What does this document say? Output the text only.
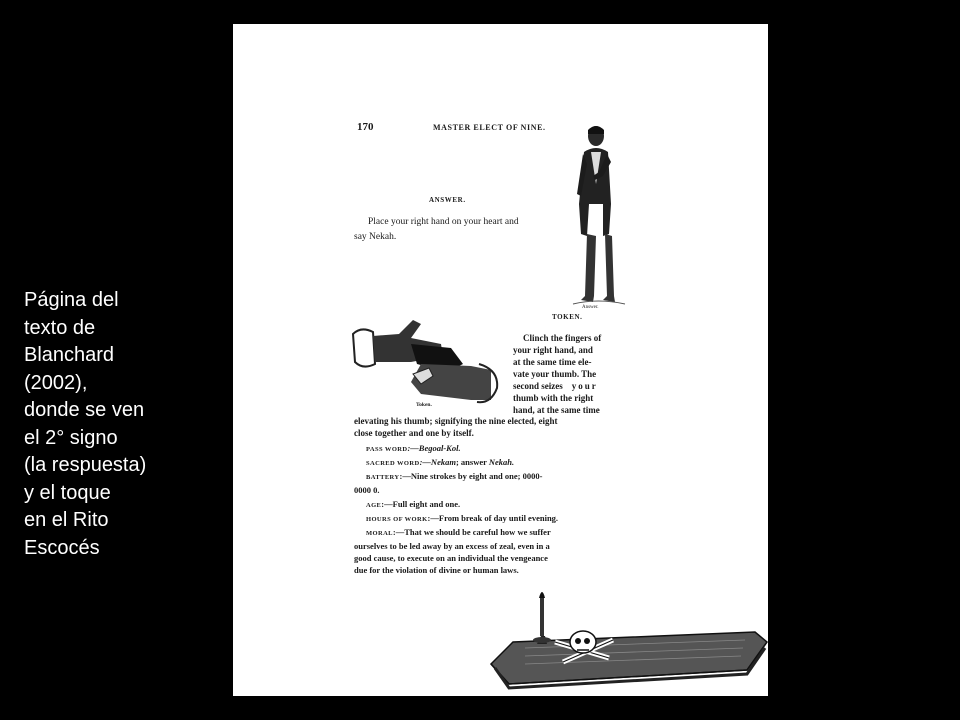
Página del
texto de
Blanchard
(2002),
donde se ven
el 2° signo
(la respuesta)
y el toque
en el Rito
Escocés
170	MASTER ELECT OF NINE.
ANSWER.
Place your right hand on your heart and
say Nekah.
Answer.
TOKEN.
Token.
Clinch the fingers of
your right hand, and
at the same time ele-
vate your thumb. The
second seizes your
thumb with the right
hand, at the same time
elevating his thumb; signifying the nine elected, eight
close together and one by itself.
PASS WORD:—Begoal-Kol.
SACRED WORD:—Nekam; answer Nekah.
BATTERY:—Nine strokes by eight and one; 0000-
0000 0.
AGE:—Full eight and one.
HOURS OF WORK:—From break of day until evening.
MORAL:—That we should be careful how we suffer
ourselves to be led away by an excess of zeal, even in a
good cause, to execute on an individual the vengeance
due for the violation of divine or human laws.
